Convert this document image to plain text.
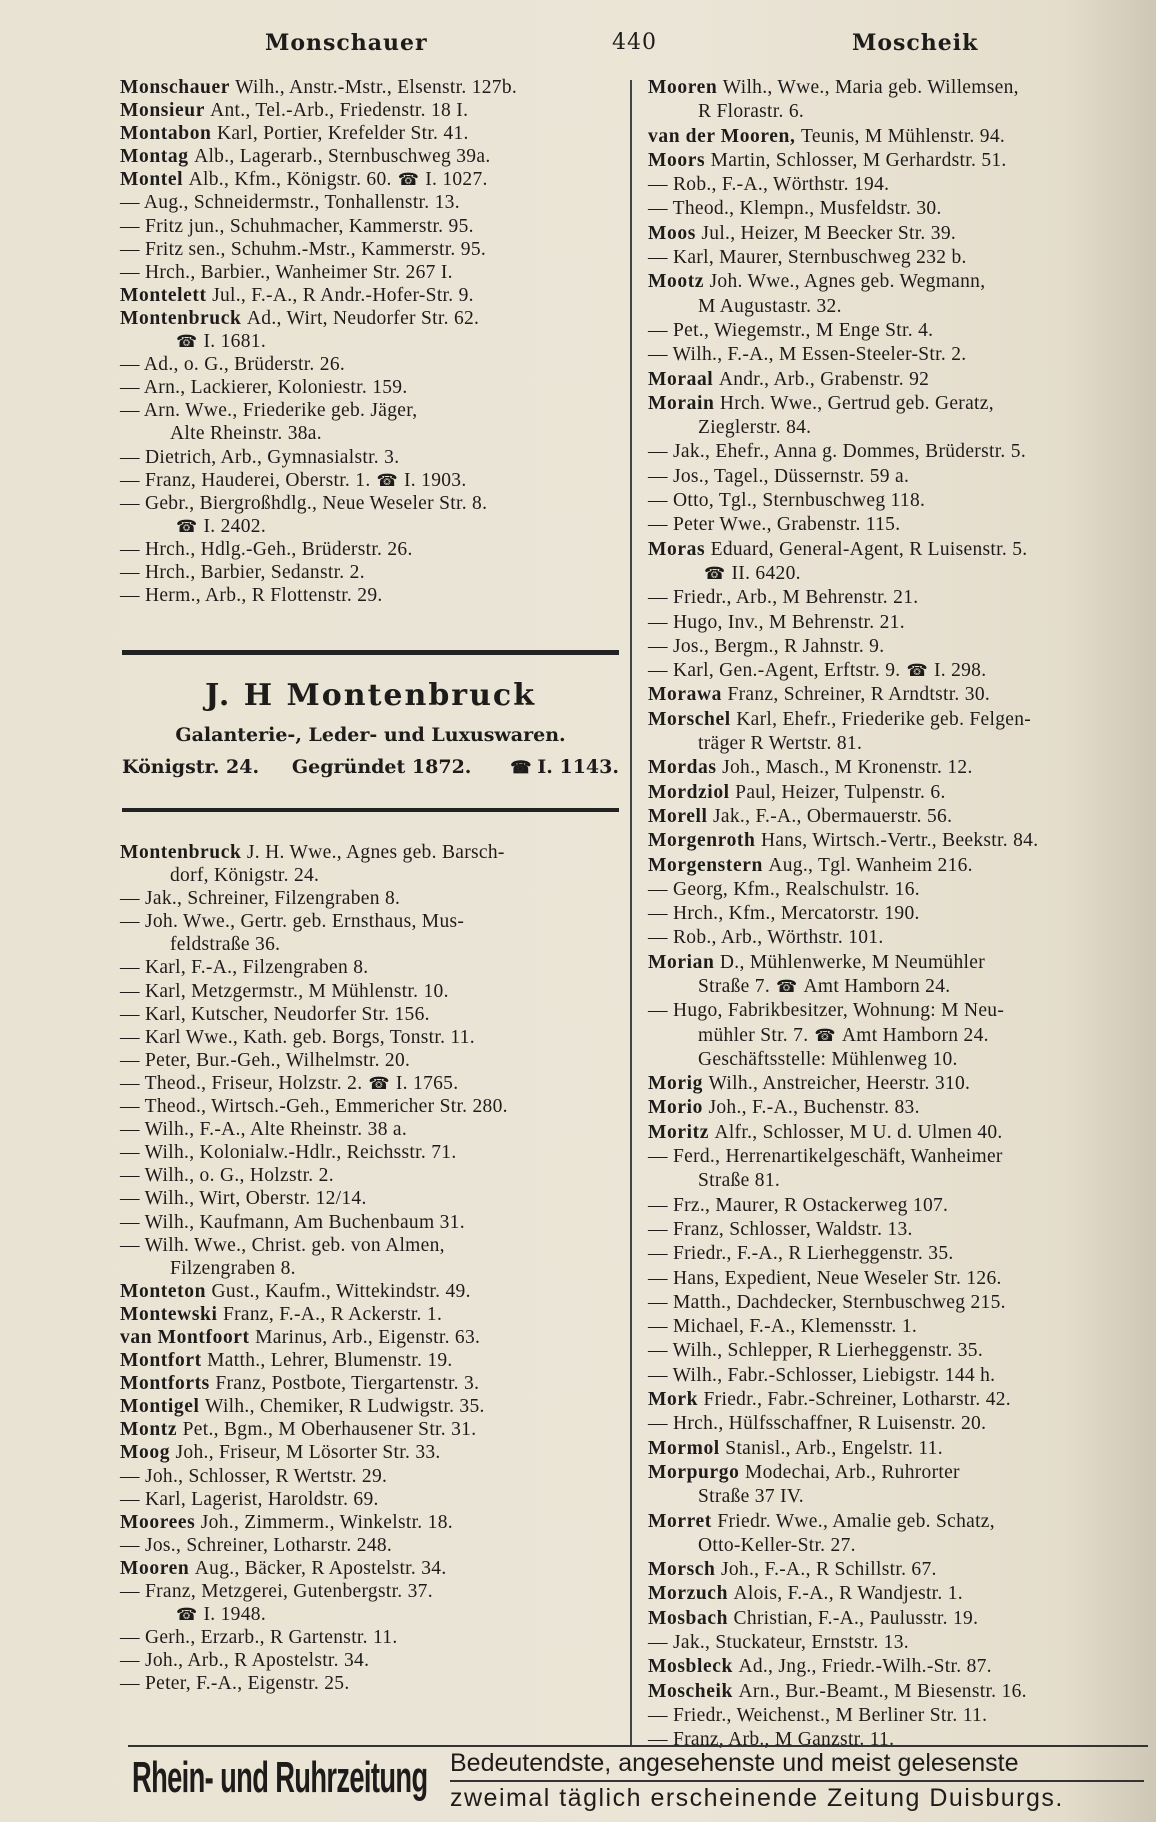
Monschauer	440	Moscheik
Monschauer Wilh., Anstr.-Mstr., Elsenstr. 127b.
Monsieur Ant., Tel.-Arb., Friedenstr. 18 I.
Montabon Karl, Portier, Krefelder Str. 41.
Montag Alb., Lagerarb., Sternbuschweg 39a.
Montel Alb., Kfm., Königstr. 60. ☎ I. 1027.
— Aug., Schneidermstr., Tonhallenstr. 13.
— Fritz jun., Schuhmacher, Kammerstr. 95.
— Fritz sen., Schuhm.-Mstr., Kammerstr. 95.
— Hrch., Barbier., Wanheimer Str. 267 I.
Montelett Jul., F.-A., R Andr.-Hofer-Str. 9.
Montenbruck Ad., Wirt, Neudorfer Str. 62.
☎ I. 1681.
— Ad., o. G., Brüderstr. 26.
— Arn., Lackierer, Koloniestr. 159.
— Arn. Wwe., Friederike geb. Jäger,
Alte Rheinstr. 38a.
— Dietrich, Arb., Gymnasialstr. 3.
— Franz, Hauderei, Oberstr. 1. ☎ I. 1903.
— Gebr., Biergroßhdlg., Neue Weseler Str. 8.
☎ I. 2402.
— Hrch., Hdlg.-Geh., Brüderstr. 26.
— Hrch., Barbier, Sedanstr. 2.
— Herm., Arb., R Flottenstr. 29.
J. H Montenbruck
Galanterie-, Leder- und Luxuswaren.
Königstr. 24. Gegründet 1872.	☎ I. 1143.
Montenbruck J. H. Wwe., Agnes geb. Barsch-
dorf, Königstr. 24.
— Jak., Schreiner, Filzengraben 8.
— Joh. Wwe., Gertr. geb. Ernsthaus, Mus-
feldstraße 36.
— Karl, F.-A., Filzengraben 8.
— Karl, Metzgermstr., M Mühlenstr. 10.
— Karl, Kutscher, Neudorfer Str. 156.
— Karl Wwe., Kath. geb. Borgs, Tonstr. 11.
— Peter, Bur.-Geh., Wilhelmstr. 20.
— Theod., Friseur, Holzstr. 2. ☎ I. 1765.
— Theod., Wirtsch.-Geh., Emmericher Str. 280.
— Wilh., F.-A., Alte Rheinstr. 38 a.
— Wilh., Kolonialw.-Hdlr., Reichsstr. 71.
— Wilh., o. G., Holzstr. 2.
— Wilh., Wirt, Oberstr. 12/14.
— Wilh., Kaufmann, Am Buchenbaum 31.
— Wilh. Wwe., Christ. geb. von Almen,
Filzengraben 8.
Monteton Gust., Kaufm., Wittekindstr. 49.
Montewski Franz, F.-A., R Ackerstr. 1.
van Montfoort Marinus, Arb., Eigenstr. 63.
Montfort Matth., Lehrer, Blumenstr. 19.
Montforts Franz, Postbote, Tiergartenstr. 3.
Montigel Wilh., Chemiker, R Ludwigstr. 35.
Montz Pet., Bgm., M Oberhausener Str. 31.
Moog Joh., Friseur, M Lösorter Str. 33.
— Joh., Schlosser, R Wertstr. 29.
— Karl, Lagerist, Haroldstr. 69.
Moorees Joh., Zimmerm., Winkelstr. 18.
— Jos., Schreiner, Lotharstr. 248.
Mooren Aug., Bäcker, R Apostelstr. 34.
— Franz, Metzgerei, Gutenbergstr. 37.
☎ I. 1948.
— Gerh., Erzarb., R Gartenstr. 11.
— Joh., Arb., R Apostelstr. 34.
— Peter, F.-A., Eigenstr. 25.
Mooren Wilh., Wwe., Maria geb. Willemsen,
R Florastr. 6.
van der Mooren, Teunis, M Mühlenstr. 94.
Moors Martin, Schlosser, M Gerhardstr. 51.
— Rob., F.-A., Wörthstr. 194.
— Theod., Klempn., Musfeldstr. 30.
Moos Jul., Heizer, M Beecker Str. 39.
— Karl, Maurer, Sternbuschweg 232 b.
Mootz Joh. Wwe., Agnes geb. Wegmann,
M Augustastr. 32.
— Pet., Wiegemstr., M Enge Str. 4.
— Wilh., F.-A., M Essen-Steeler-Str. 2.
Moraal Andr., Arb., Grabenstr. 92
Morain Hrch. Wwe., Gertrud geb. Geratz,
Zieglerstr. 84.
— Jak., Ehefr., Anna g. Dommes, Brüderstr. 5.
— Jos., Tagel., Düssernstr. 59 a.
— Otto, Tgl., Sternbuschweg 118.
— Peter Wwe., Grabenstr. 115.
Moras Eduard, General-Agent, R Luisenstr. 5.
☎ II. 6420.
— Friedr., Arb., M Behrenstr. 21.
— Hugo, Inv., M Behrenstr. 21.
— Jos., Bergm., R Jahnstr. 9.
— Karl, Gen.-Agent, Erftstr. 9. ☎ I. 298.
Morawa Franz, Schreiner, R Arndtstr. 30.
Morschel Karl, Ehefr., Friederike geb. Felgen-
träger R Wertstr. 81.
Mordas Joh., Masch., M Kronenstr. 12.
Mordziol Paul, Heizer, Tulpenstr. 6.
Morell Jak., F.-A., Obermauerstr. 56.
Morgenroth Hans, Wirtsch.-Vertr., Beekstr. 84.
Morgenstern Aug., Tgl. Wanheim 216.
— Georg, Kfm., Realschulstr. 16.
— Hrch., Kfm., Mercatorstr. 190.
— Rob., Arb., Wörthstr. 101.
Morian D., Mühlenwerke, M Neumühler
Straße 7. ☎ Amt Hamborn 24.
— Hugo, Fabrikbesitzer, Wohnung: M Neu-
mühler Str. 7. ☎ Amt Hamborn 24.
Geschäftsstelle: Mühlenweg 10.
Morig Wilh., Anstreicher, Heerstr. 310.
Morio Joh., F.-A., Buchenstr. 83.
Moritz Alfr., Schlosser, M U. d. Ulmen 40.
— Ferd., Herrenartikelgeschäft, Wanheimer
Straße 81.
— Frz., Maurer, R Ostackerweg 107.
— Franz, Schlosser, Waldstr. 13.
— Friedr., F.-A., R Lierheggenstr. 35.
— Hans, Expedient, Neue Weseler Str. 126.
— Matth., Dachdecker, Sternbuschweg 215.
— Michael, F.-A., Klemensstr. 1.
— Wilh., Schlepper, R Lierheggenstr. 35.
— Wilh., Fabr.-Schlosser, Liebigstr. 144 h.
Mork Friedr., Fabr.-Schreiner, Lotharstr. 42.
— Hrch., Hülfsschaffner, R Luisenstr. 20.
Mormol Stanisl., Arb., Engelstr. 11.
Morpurgo Modechai, Arb., Ruhrorter
Straße 37 IV.
Morret Friedr. Wwe., Amalie geb. Schatz,
Otto-Keller-Str. 27.
Morsch Joh., F.-A., R Schillstr. 67.
Morzuch Alois, F.-A., R Wandjestr. 1.
Mosbach Christian, F.-A., Paulusstr. 19.
— Jak., Stuckateur, Ernststr. 13.
Mosbleck Ad., Jng., Friedr.-Wilh.-Str. 87.
Moscheik Arn., Bur.-Beamt., M Biesenstr. 16.
— Friedr., Weichenst., M Berliner Str. 11.
— Franz, Arb., M Ganzstr. 11.
Rhein- und Ruhrzeitung Bedeutendste, angesehenste und meist gelesenste
zweimal täglich erscheinende Zeitung Duisburgs.
